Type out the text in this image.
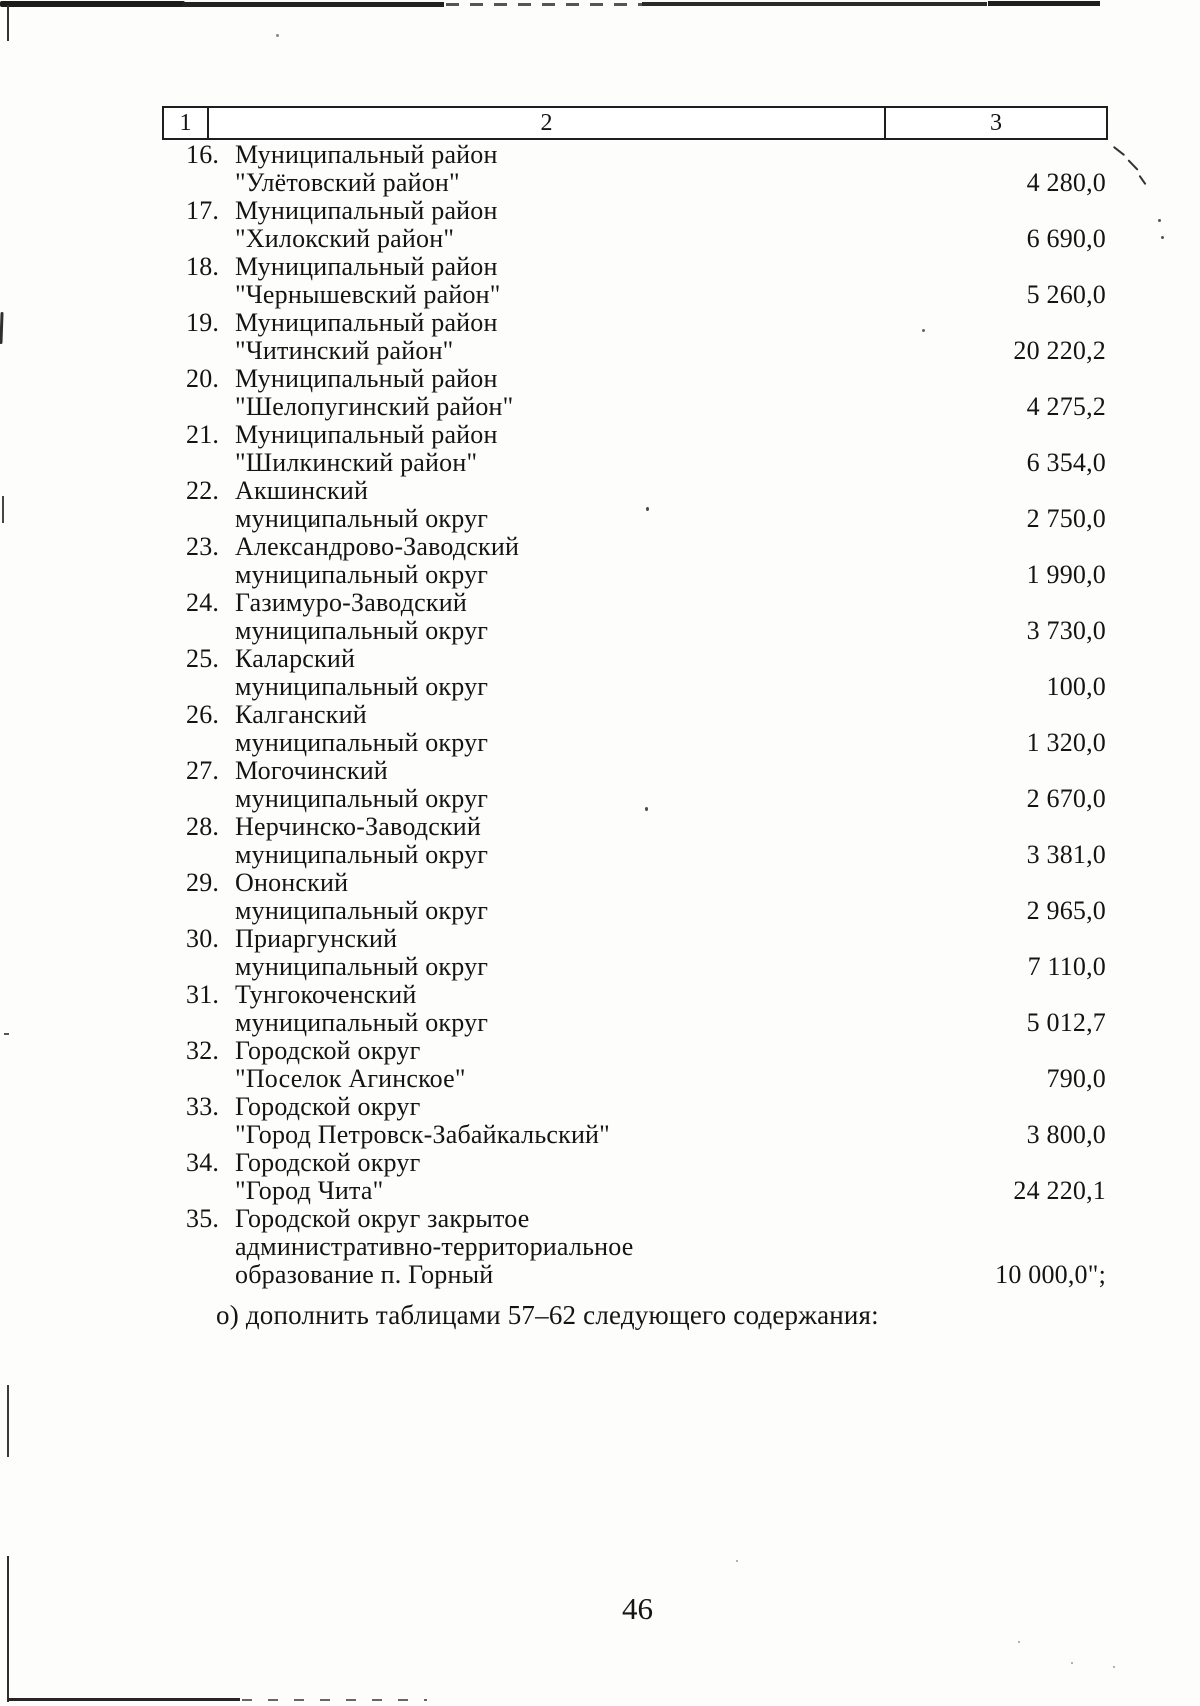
1	2	3
16. Муниципальный район
"Улётовский район"	4 280,0
17. Муниципальный район
"Хилокский район"	6 690,0
18. Муниципальный район
"Чернышевский район"	5 260,0
19. Муниципальный район
"Читинский район"	20 220,2
20. Муниципальный район
"Шелопугинский район"	4 275,2
21. Муниципальный район
"Шилкинский район"	6 354,0
22. Акшинский
муниципальный округ	2 750,0
23. Александрово-Заводский
муниципальный округ	1 990,0
24. Газимуро-Заводский
муниципальный округ	3 730,0
25. Каларский
муниципальный округ	100,0
26. Калганский
муниципальный округ	1 320,0
27. Могочинский
муниципальный округ	2 670,0
28. Нерчинско-Заводский
муниципальный округ	3 381,0
29. Ононский
муниципальный округ	2 965,0
30. Приаргунский
муниципальный округ	7 110,0
31. Тунгокоченский
муниципальный округ	5 012,7
32. Городской округ
"Поселок Агинское"	790,0
33. Городской округ
"Город Петровск-Забайкальский"	3 800,0
34. Городской округ
"Город Чита"	24 220,1
35. Городской округ закрытое
административно-территориальное
образование п. Горный	10 000,0";
о) дополнить таблицами 57–62 следующего содержания:
46
